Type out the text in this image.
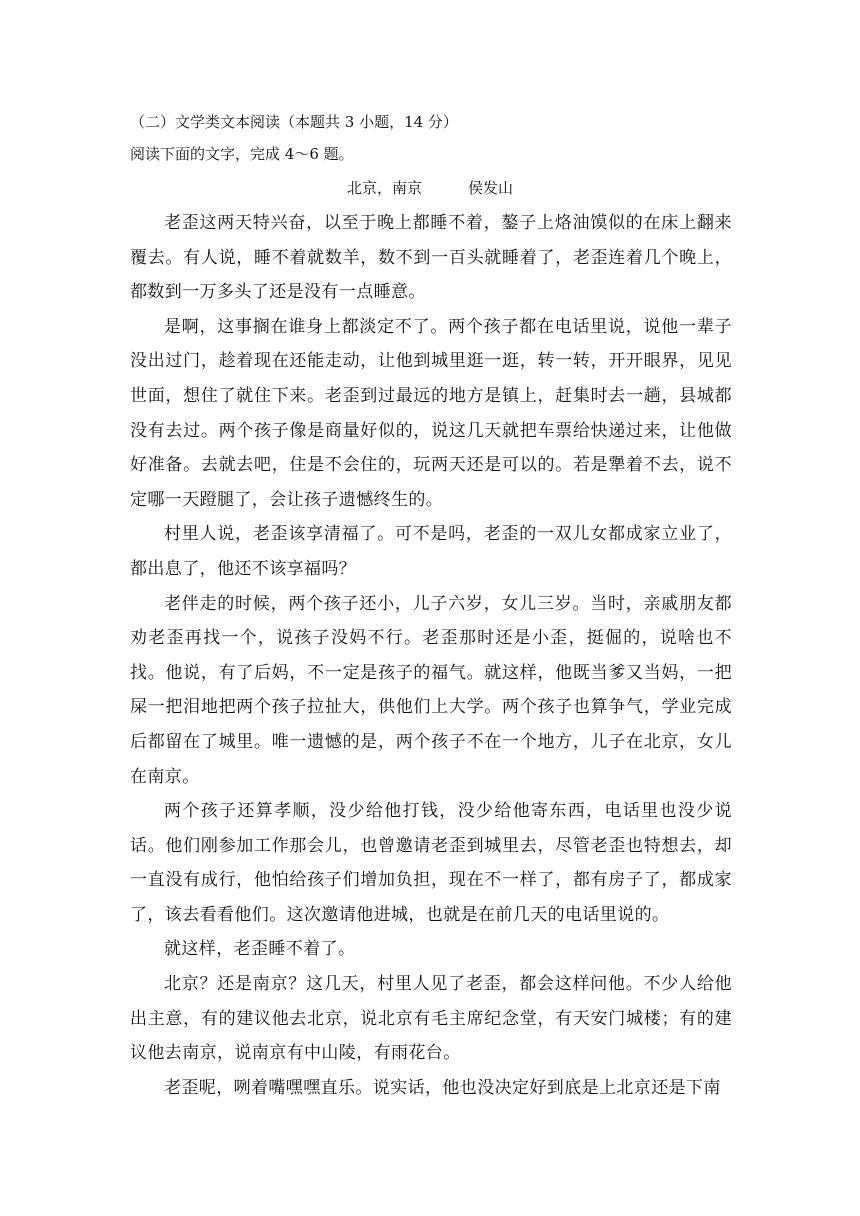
（二）文学类文本阅读（本题共 3 小题，14 分）
阅读下面的文字，完成 4～6 题。
北京，南京	侯发山

老歪这两天特兴奋，以至于晚上都睡不着，鏊子上烙油馍似的在床上翻来覆去。有人说，睡不着就数羊，数不到一百头就睡着了，老歪连着几个晚上，都数到一万多头了还是没有一点睡意。

是啊，这事搁在谁身上都淡定不了。两个孩子都在电话里说，说他一辈子没出过门，趁着现在还能走动，让他到城里逛一逛，转一转，开开眼界，见见世面，想住了就住下来。老歪到过最远的地方是镇上，赶集时去一趟，县城都没有去过。两个孩子像是商量好似的，说这几天就把车票给快递过来，让他做好准备。去就去吧，住是不会住的，玩两天还是可以的。若是犟着不去，说不定哪一天蹬腿了，会让孩子遗憾终生的。

村里人说，老歪该享清福了。可不是吗，老歪的一双儿女都成家立业了，都出息了，他还不该享福吗？

老伴走的时候，两个孩子还小，儿子六岁，女儿三岁。当时，亲戚朋友都劝老歪再找一个，说孩子没妈不行。老歪那时还是小歪，挺倔的，说啥也不找。他说，有了后妈，不一定是孩子的福气。就这样，他既当爹又当妈，一把屎一把泪地把两个孩子拉扯大，供他们上大学。两个孩子也算争气，学业完成后都留在了城里。唯一遗憾的是，两个孩子不在一个地方，儿子在北京，女儿在南京。

两个孩子还算孝顺，没少给他打钱，没少给他寄东西，电话里也没少说话。他们刚参加工作那会儿，也曾邀请老歪到城里去，尽管老歪也特想去，却一直没有成行，他怕给孩子们增加负担，现在不一样了，都有房子了，都成家了，该去看看他们。这次邀请他进城，也就是在前几天的电话里说的。

就这样，老歪睡不着了。

北京？还是南京？这几天，村里人见了老歪，都会这样问他。不少人给他出主意，有的建议他去北京，说北京有毛主席纪念堂，有天安门城楼；有的建议他去南京，说南京有中山陵，有雨花台。

老歪呢，咧着嘴嘿嘿直乐。说实话，他也没决定好到底是上北京还是下南
